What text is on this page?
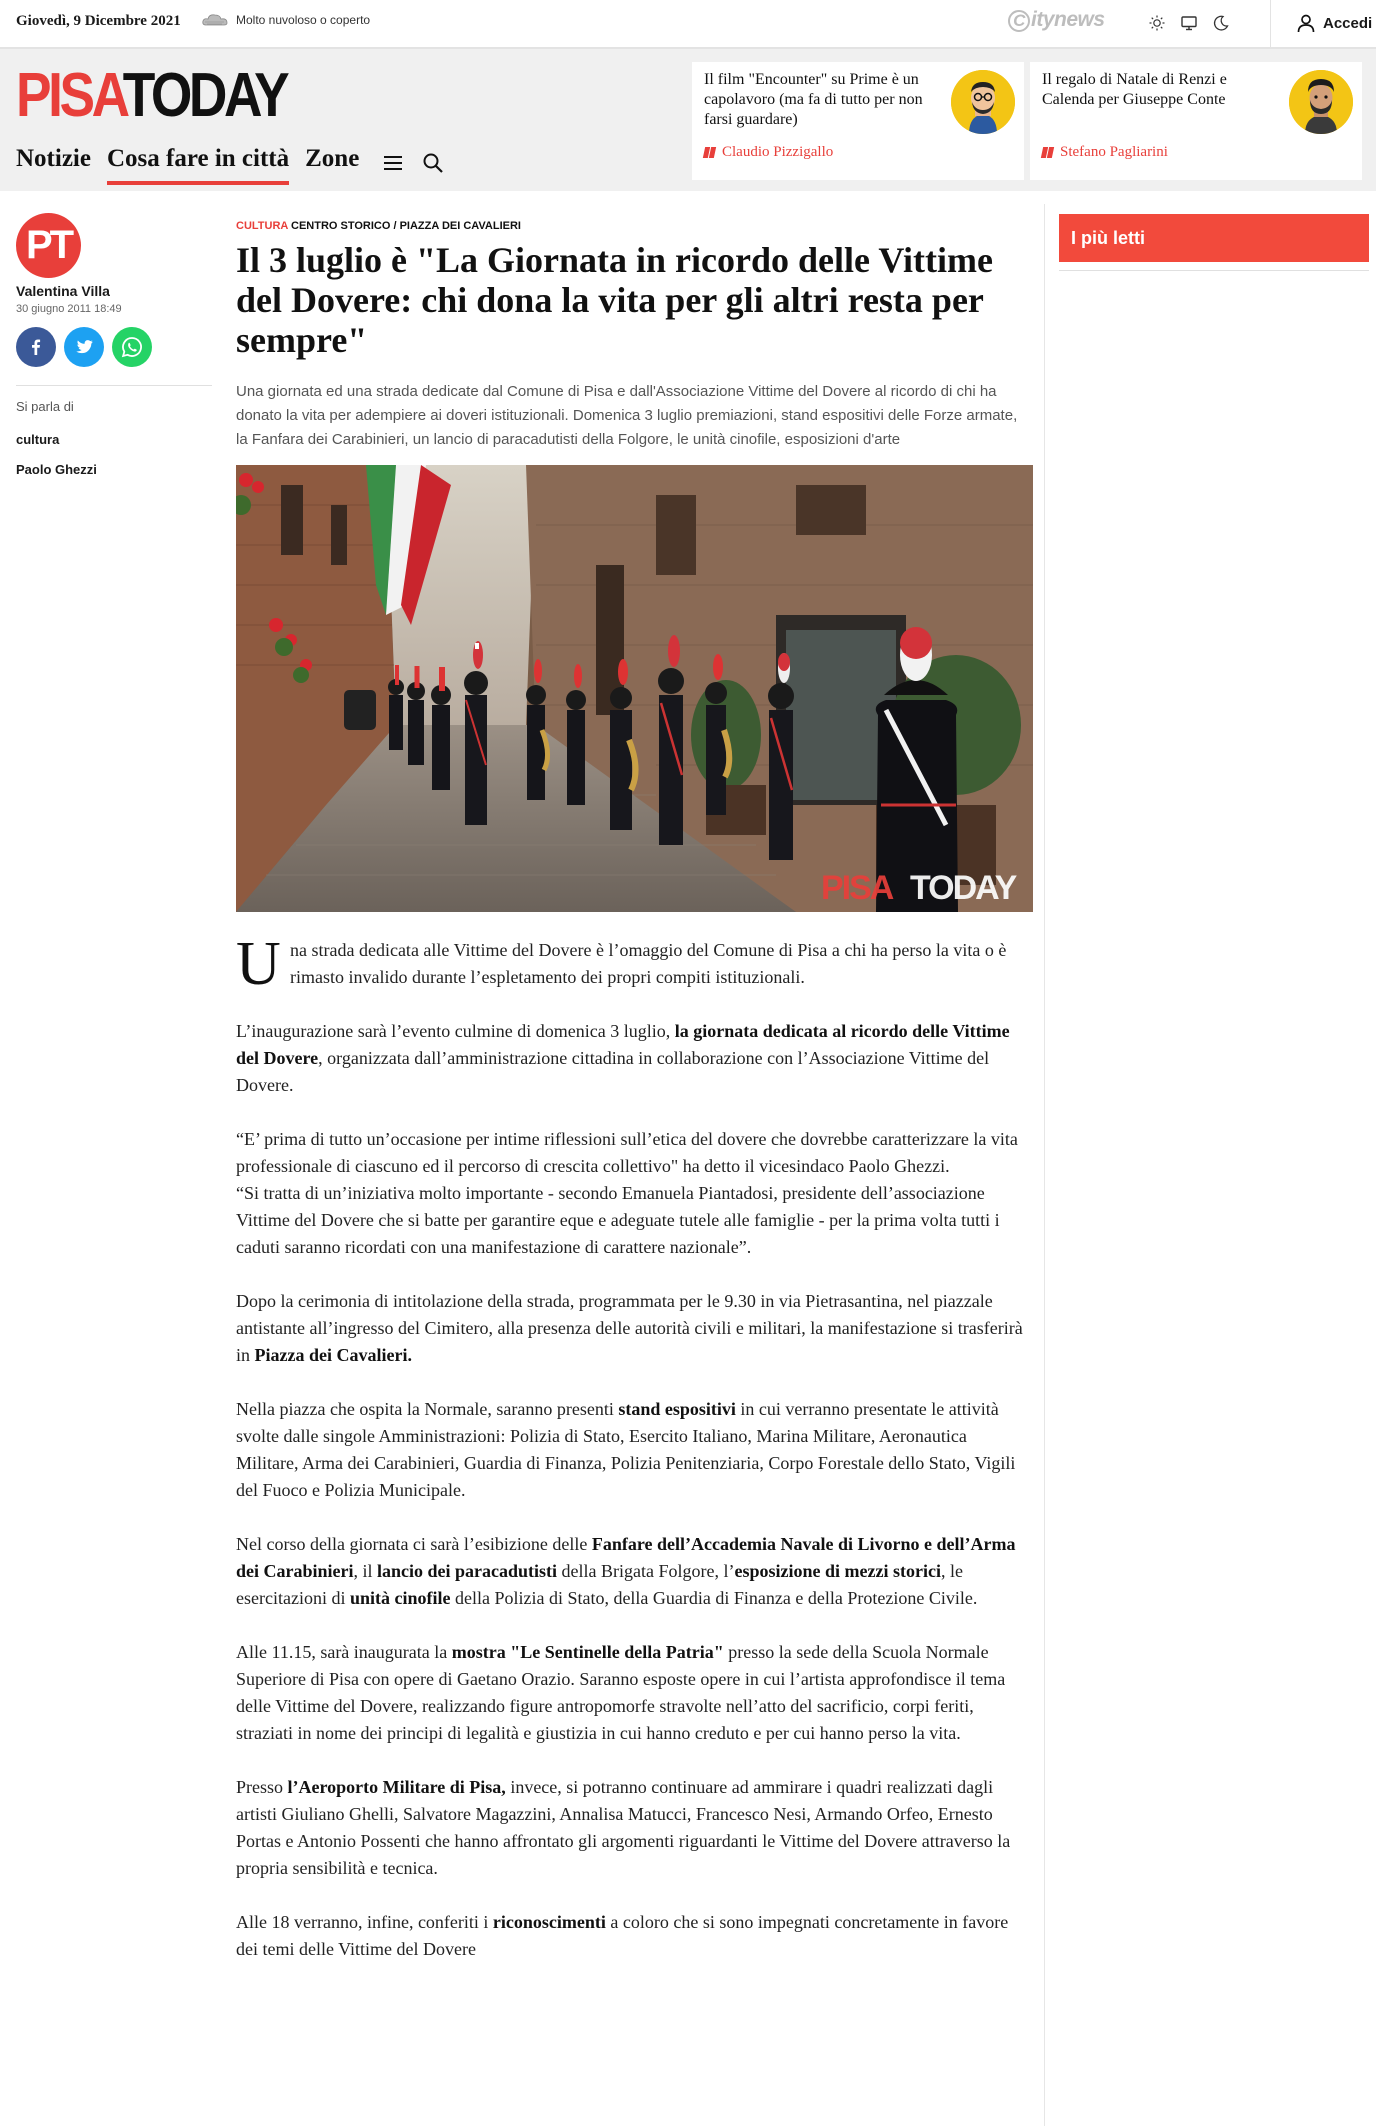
Giovedì, 9 Dicembre 2021	Molto nuvoloso o coperto	C itynews	Accedi
PISATODAY
Notizie Cosa fare in città Zone
Il film "Encounter" su Prime è un capolavoro (ma fa di tutto per non farsi guardare)
Claudio Pizzigallo
Il regalo di Natale di Renzi e Calenda per Giuseppe Conte
Stefano Pagliarini
PT
Valentina Villa
30 giugno 2011 18:49
Si parla di
cultura
Paolo Ghezzi
CULTURA CENTRO STORICO / PIAZZA DEI CAVALIERI
Il 3 luglio è "La Giornata in ricordo delle Vittime del Dovere: chi dona la vita per gli altri resta per sempre"

Una giornata ed una strada dedicate dal Comune di Pisa e dall'Associazione Vittime del Dovere al ricordo di chi ha donato la vita per adempiere ai doveri istituzionali. Domenica 3 luglio premiazioni, stand espositivi delle Forze armate, la Fanfara dei Carabinieri, un lancio di paracadutisti della Folgore, le unità cinofile, esposizioni d'arte

PISA TODAY
U na strada dedicata alle Vittime del Dovere è l’omaggio del Comune di Pisa a chi ha perso la vita o è rimasto invalido durante l’espletamento dei propri compiti istituzionali.

L’inaugurazione sarà l’evento culmine di domenica 3 luglio, la giornata dedicata al ricordo delle Vittime del Dovere, organizzata dall’amministrazione cittadina in collaborazione con l’Associazione Vittime del Dovere.

“E’ prima di tutto un’occasione per intime riflessioni sull’etica del dovere che dovrebbe caratterizzare la vita professionale di ciascuno ed il percorso di crescita collettivo" ha detto il vicesindaco Paolo Ghezzi.

“Si tratta di un’iniziativa molto importante - secondo Emanuela Piantadosi, presidente dell’associazione Vittime del Dovere che si batte per garantire eque e adeguate tutele alle famiglie - per la prima volta tutti i caduti saranno ricordati con una manifestazione di carattere nazionale”.

Dopo la cerimonia di intitolazione della strada, programmata per le 9.30 in via Pietrasantina, nel piazzale antistante all’ingresso del Cimitero, alla presenza delle autorità civili e militari, la manifestazione si trasferirà in Piazza dei Cavalieri.

Nella piazza che ospita la Normale, saranno presenti stand espositivi in cui verranno presentate le attività svolte dalle singole Amministrazioni: Polizia di Stato, Esercito Italiano, Marina Militare, Aeronautica Militare, Arma dei Carabinieri, Guardia di Finanza, Polizia Penitenziaria, Corpo Forestale dello Stato, Vigili del Fuoco e Polizia Municipale.

Nel corso della giornata ci sarà l’esibizione delle Fanfare dell’Accademia Navale di Livorno e dell’Arma dei Carabinieri, il lancio dei paracadutisti della Brigata Folgore, l’esposizione di mezzi storici, le esercitazioni di unità cinofile della Polizia di Stato, della Guardia di Finanza e della Protezione Civile.

Alle 11.15, sarà inaugurata la mostra "Le Sentinelle della Patria" presso la sede della Scuola Normale Superiore di Pisa con opere di Gaetano Orazio. Saranno esposte opere in cui l’artista approfondisce il tema delle Vittime del Dovere, realizzando figure antropomorfe stravolte nell’atto del sacrificio, corpi feriti, straziati in nome dei principi di legalità e giustizia in cui hanno creduto e per cui hanno perso la vita.

Presso l’Aeroporto Militare di Pisa, invece, si potranno continuare ad ammirare i quadri realizzati dagli artisti Giuliano Ghelli, Salvatore Magazzini, Annalisa Matucci, Francesco Nesi, Armando Orfeo, Ernesto Portas e Antonio Possenti che hanno affrontato gli argomenti riguardanti le Vittime del Dovere attraverso la propria sensibilità e tecnica.

Alle 18 verranno, infine, conferiti i riconoscimenti a coloro che si sono impegnati concretamente in favore dei temi delle Vittime del Dovere

I più letti
